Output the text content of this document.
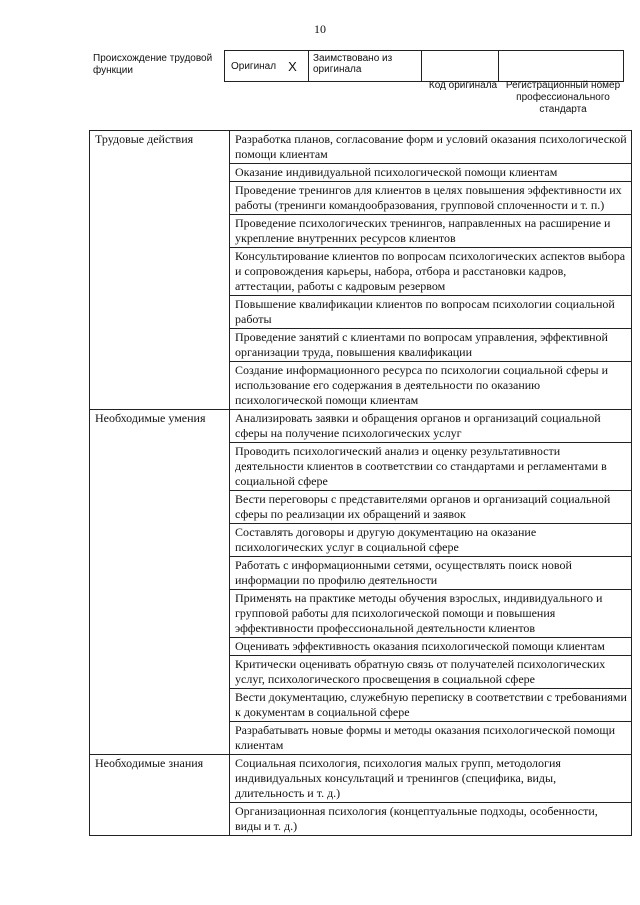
10
Происхождение трудовой функции	Оригинал X	Заимствовано из оригинала
Код оригинала Регистрационный номер профессионального стандарта
Трудовые действия	Разработка планов, согласование форм и условий оказания психологической помощи клиентам
	Оказание индивидуальной психологической помощи клиентам
	Проведение тренингов для клиентов в целях повышения эффективности их работы (тренинги командообразования, групповой сплоченности и т. п.)
	Проведение психологических тренингов, направленных на расширение и укрепление внутренних ресурсов клиентов
	Консультирование клиентов по вопросам психологических аспектов выбора и сопровождения карьеры, набора, отбора и расстановки кадров, аттестации, работы с кадровым резервом
	Повышение квалификации клиентов по вопросам психологии социальной работы
	Проведение занятий с клиентами по вопросам управления, эффективной организации труда, повышения квалификации
	Создание информационного ресурса по психологии социальной сферы и использование его содержания в деятельности по оказанию психологической помощи клиентам
Необходимые умения	Анализировать заявки и обращения органов и организаций социальной сферы на получение психологических услуг
	Проводить психологический анализ и оценку результативности деятельности клиентов в соответствии со стандартами и регламентами в социальной сфере
	Вести переговоры с представителями органов и организаций социальной сферы по реализации их обращений и заявок
	Составлять договоры и другую документацию на оказание психологических услуг в социальной сфере
	Работать с информационными сетями, осуществлять поиск новой информации по профилю деятельности
	Применять на практике методы обучения взрослых, индивидуального и групповой работы для психологической помощи и повышения эффективности профессиональной деятельности клиентов
	Оценивать эффективность оказания психологической помощи клиентам
	Критически оценивать обратную связь от получателей психологических услуг, психологического просвещения в социальной сфере
	Вести документацию, служебную переписку в соответствии с требованиями к документам в социальной сфере
	Разрабатывать новые формы и методы оказания психологической помощи клиентам
Необходимые знания	Социальная психология, психология малых групп, методология индивидуальных консультаций и тренингов (специфика, виды, длительность и т. д.)
	Организационная психология (концептуальные подходы, особенности, виды и т. д.)
